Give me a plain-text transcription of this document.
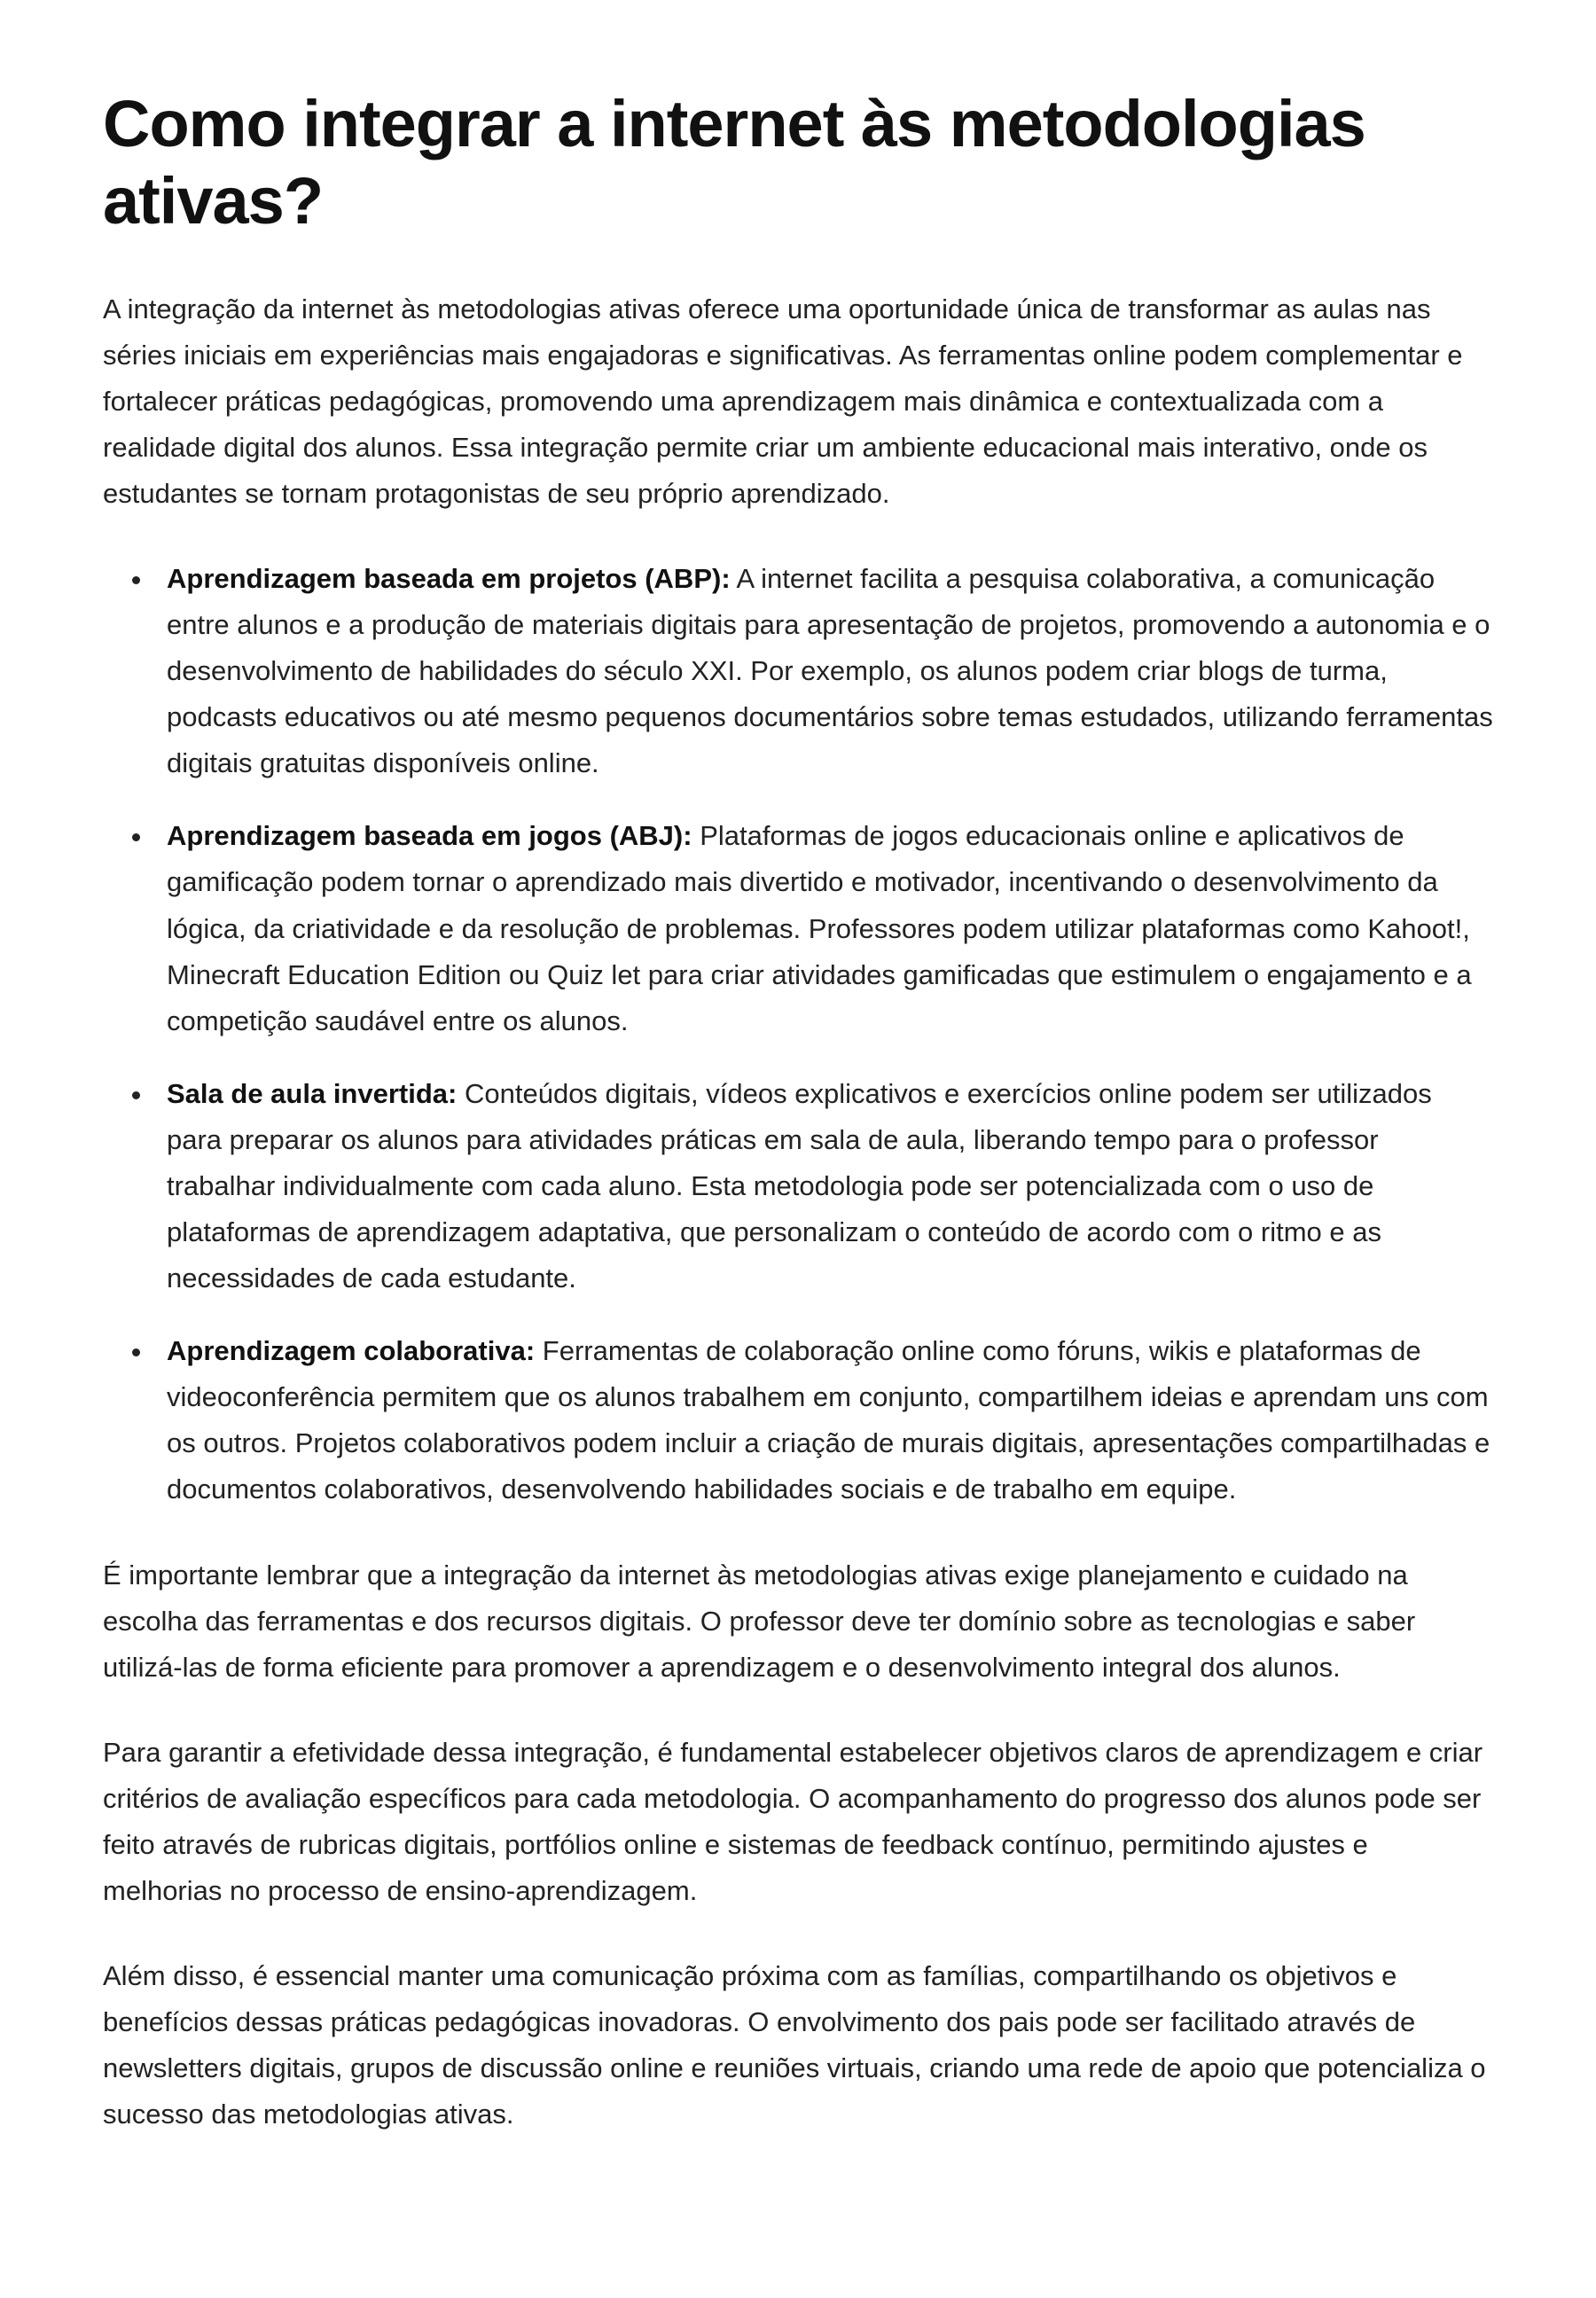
Como integrar a internet às metodologias ativas?

A integração da internet às metodologias ativas oferece uma oportunidade única de transformar as aulas nas séries iniciais em experiências mais engajadoras e significativas. As ferramentas online podem complementar e fortalecer práticas pedagógicas, promovendo uma aprendizagem mais dinâmica e contextualizada com a realidade digital dos alunos. Essa integração permite criar um ambiente educacional mais interativo, onde os estudantes se tornam protagonistas de seu próprio aprendizado.

• Aprendizagem baseada em projetos (ABP): A internet facilita a pesquisa colaborativa, a comunicação entre alunos e a produção de materiais digitais para apresentação de projetos, promovendo a autonomia e o desenvolvimento de habilidades do século XXI. Por exemplo, os alunos podem criar blogs de turma, podcasts educativos ou até mesmo pequenos documentários sobre temas estudados, utilizando ferramentas digitais gratuitas disponíveis online.
• Aprendizagem baseada em jogos (ABJ): Plataformas de jogos educacionais online e aplicativos de gamificação podem tornar o aprendizado mais divertido e motivador, incentivando o desenvolvimento da lógica, da criatividade e da resolução de problemas. Professores podem utilizar plataformas como Kahoot!, Minecraft Education Edition ou Quiz let para criar atividades gamificadas que estimulem o engajamento e a competição saudável entre os alunos.
• Sala de aula invertida: Conteúdos digitais, vídeos explicativos e exercícios online podem ser utilizados para preparar os alunos para atividades práticas em sala de aula, liberando tempo para o professor trabalhar individualmente com cada aluno. Esta metodologia pode ser potencializada com o uso de plataformas de aprendizagem adaptativa, que personalizam o conteúdo de acordo com o ritmo e as necessidades de cada estudante.
• Aprendizagem colaborativa: Ferramentas de colaboração online como fóruns, wikis e plataformas de videoconferência permitem que os alunos trabalhem em conjunto, compartilhem ideias e aprendam uns com os outros. Projetos colaborativos podem incluir a criação de murais digitais, apresentações compartilhadas e documentos colaborativos, desenvolvendo habilidades sociais e de trabalho em equipe.

É importante lembrar que a integração da internet às metodologias ativas exige planejamento e cuidado na escolha das ferramentas e dos recursos digitais. O professor deve ter domínio sobre as tecnologias e saber utilizá-las de forma eficiente para promover a aprendizagem e o desenvolvimento integral dos alunos.

Para garantir a efetividade dessa integração, é fundamental estabelecer objetivos claros de aprendizagem e criar critérios de avaliação específicos para cada metodologia. O acompanhamento do progresso dos alunos pode ser feito através de rubricas digitais, portfólios online e sistemas de feedback contínuo, permitindo ajustes e melhorias no processo de ensino-aprendizagem.

Além disso, é essencial manter uma comunicação próxima com as famílias, compartilhando os objetivos e benefícios dessas práticas pedagógicas inovadoras. O envolvimento dos pais pode ser facilitado através de newsletters digitais, grupos de discussão online e reuniões virtuais, criando uma rede de apoio que potencializa o sucesso das metodologias ativas.
